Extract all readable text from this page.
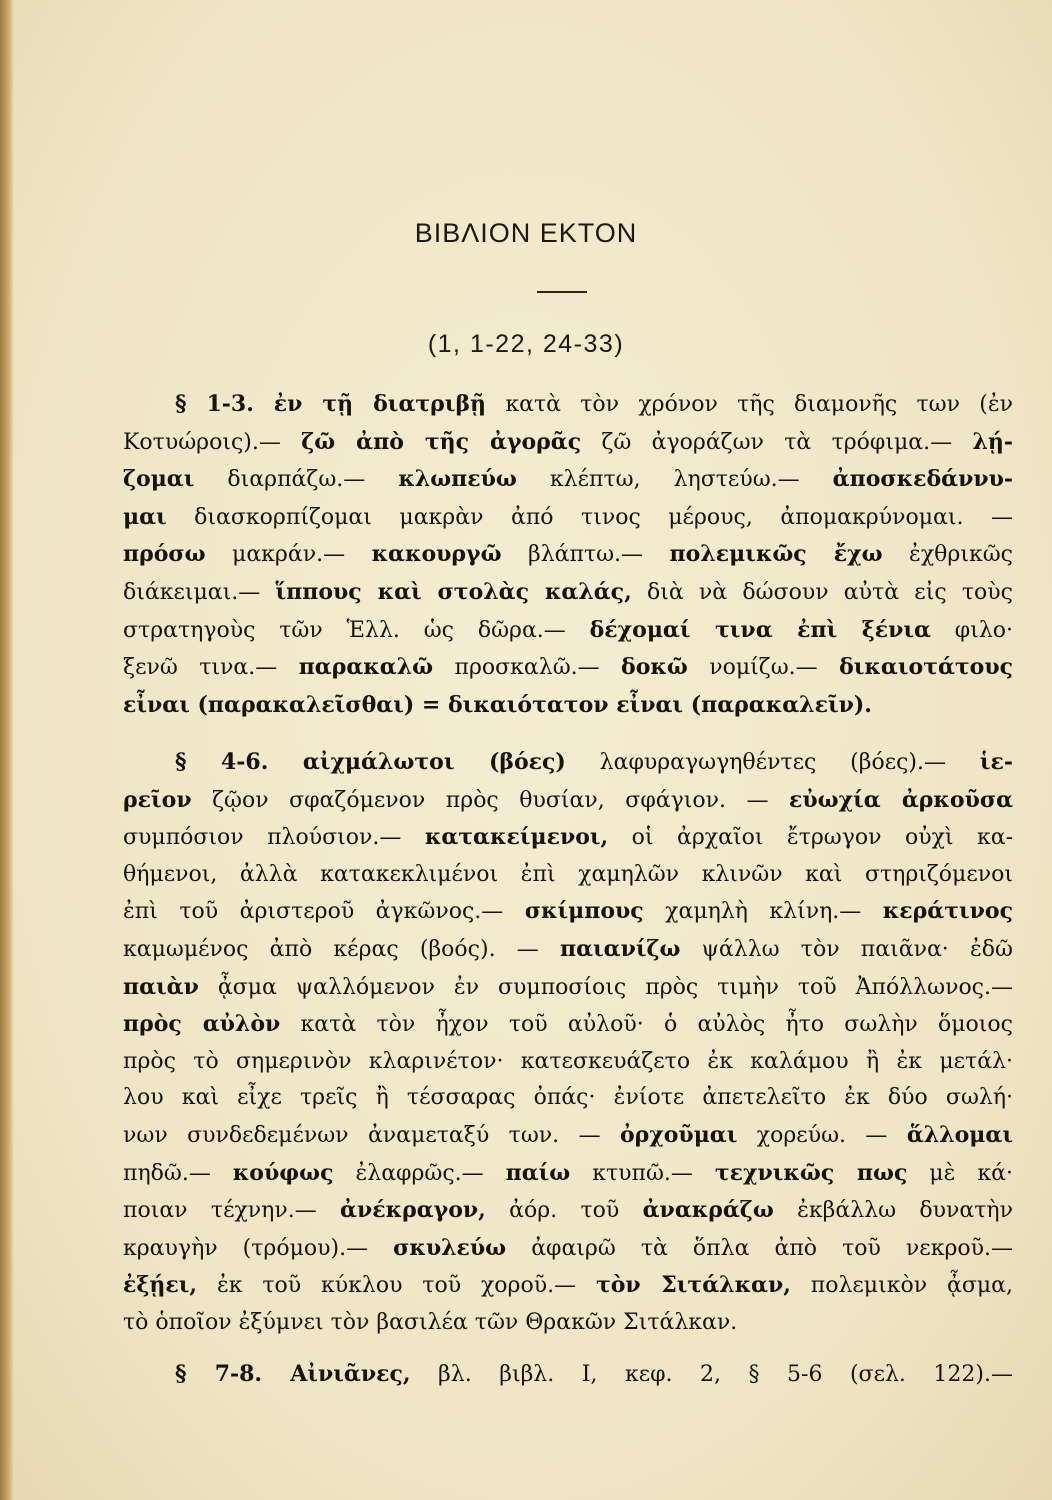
ΒΙΒΛΙΟΝ ΕΚΤΟΝ
(1, 1-22, 24-33)
§ 1-3. ἐν τῇ διατριβῇ κατὰ τὸν χρόνον τῆς διαμονῆς των (ἐν
Κοτυώροις).— ζῶ ἀπὸ τῆς ἀγορᾶς ζῶ ἀγοράζων τὰ τρόφιμα.— λῄ-
ζομαι διαρπάζω.— κλωπεύω κλέπτω, ληστεύω.— ἀποσκεδάννυ-
μαι διασκορπίζομαι μακρὰν ἀπό τινος μέρους, ἀπομακρύνομαι. —
πρόσω μακράν.— κακουργῶ βλάπτω.— πολεμικῶς ἔχω ἐχθρικῶς
διάκειμαι.— ἵππους καὶ στολὰς καλάς, διὰ νὰ δώσουν αὐτὰ εἰς τοὺς
στρατηγοὺς τῶν Ἑλλ. ὡς δῶρα.— δέχομαί τινα ἐπὶ ξένια φιλο·
ξενῶ τινα.— παρακαλῶ προσκαλῶ.— δοκῶ νομίζω.— δικαιοτάτους
εἶναι (παρακαλεῖσθαι) = δικαιότατον εἶναι (παρακαλεῖν).
§ 4-6. αἰχμάλωτοι (βόες) λαφυραγωγηθέντες (βόες).— ἱε-
ρεῖον ζῷον σφαζόμενον πρὸς θυσίαν, σφάγιον. — εὐωχία ἀρκοῦσα
συμπόσιον πλούσιον.— κατακείμενοι, οἱ ἀρχαῖοι ἔτρωγον οὐχὶ κα-
θήμενοι, ἀλλὰ κατακεκλιμένοι ἐπὶ χαμηλῶν κλινῶν καὶ στηριζόμενοι
ἐπὶ τοῦ ἀριστεροῦ ἀγκῶνος.— σκίμπους χαμηλὴ κλίνη.— κεράτινος
καμωμένος ἀπὸ κέρας (βοός). — παιανίζω ψάλλω τὸν παιᾶνα· ἐδῶ
παιὰν ᾆσμα ψαλλόμενον ἐν συμποσίοις πρὸς τιμὴν τοῦ Ἀπόλλωνος.—
πρὸς αὐλὸν κατὰ τὸν ἦχον τοῦ αὐλοῦ· ὁ αὐλὸς ἦτο σωλὴν ὅμοιος
πρὸς τὸ σημερινὸν κλαρινέτον· κατεσκευάζετο ἐκ καλάμου ἢ ἐκ μετάλ·
λου καὶ εἶχε τρεῖς ἢ τέσσαρας ὀπάς· ἐνίοτε ἀπετελεῖτο ἐκ δύο σωλή·
νων συνδεδεμένων ἀναμεταξύ των. — ὀρχοῦμαι χορεύω. — ἅλλομαι
πηδῶ.— κούφως ἐλαφρῶς.— παίω κτυπῶ.— τεχνικῶς πως μὲ κά·
ποιαν τέχνην.— ἀνέκραγον, ἀόρ. τοῦ ἀνακράζω ἐκβάλλω δυνατὴν
κραυγὴν (τρόμου).— σκυλεύω ἀφαιρῶ τὰ ὅπλα ἀπὸ τοῦ νεκροῦ.—
ἐξῄει, ἐκ τοῦ κύκλου τοῦ χοροῦ.— τὸν Σιτάλκαν, πολεμικὸν ᾆσμα,
τὸ ὁποῖον ἐξύμνει τὸν βασιλέα τῶν Θρακῶν Σιτάλκαν.
§ 7-8. Αἰνιᾶνες, βλ. βιβλ. Ι, κεφ. 2, § 5-6 (σελ. 122).—
